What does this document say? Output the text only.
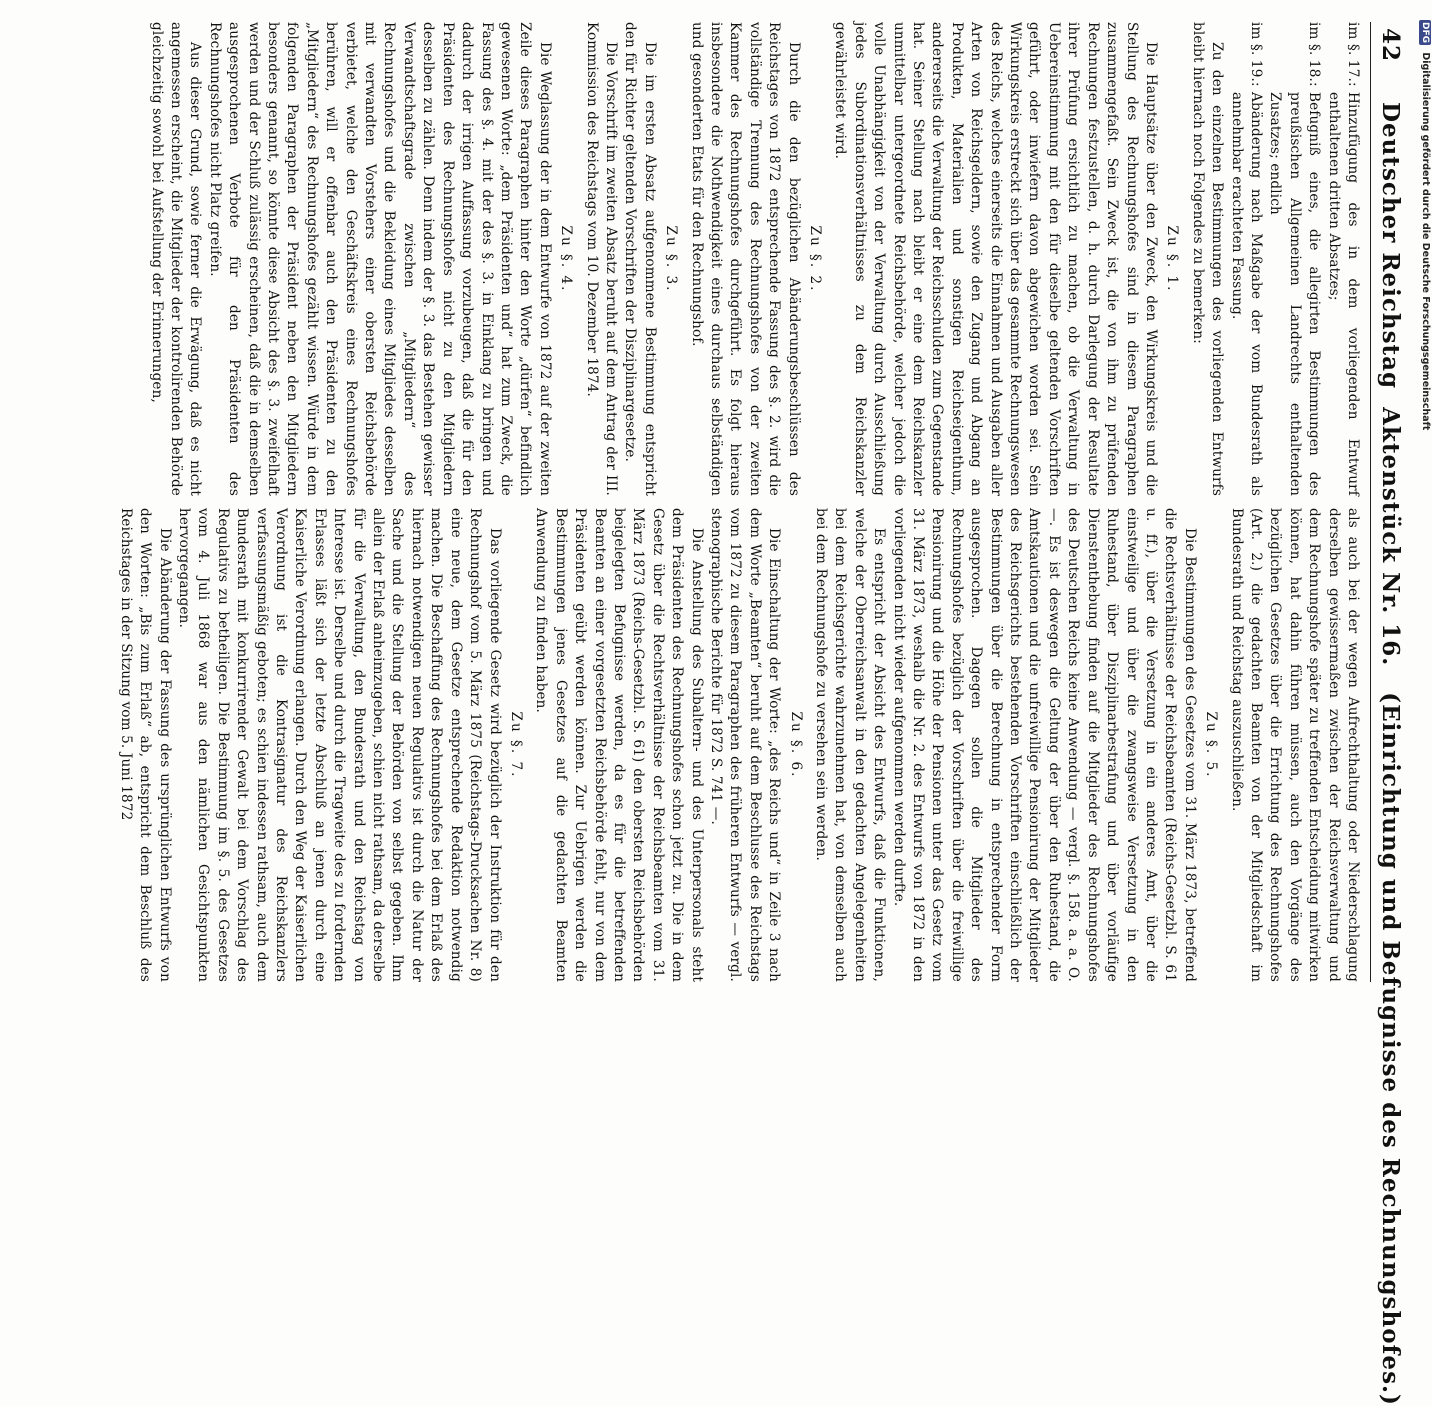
42
Deutscher Reichstag
Aktenstück Nr. 16.
(Einrichtung und Befugnisse des Rechnungshofes.)
im §. 17.:
Hinzufügung des in dem vorliegenden Entwurf enthaltenen dritten Absatzes;
im §. 18.:
Befugniß eines, die allegirten Bestimmungen des preußischen Allgemeinen Landrechts enthaltenden Zusatzes; endlich
im §. 19.:
Abänderung nach Maßgabe der vom Bundesrath als annehmbar erachteten Fassung.

Zu den einzelnen Bestimmungen des vorliegenden Entwurfs bleibt hiernach noch Folgendes zu bemerken:

Zu §. 1.

Die Hauptsätze über den Zweck, den Wirkungskreis und die Stellung des Rechnungshofes sind in diesem Paragraphen zusammengefaßt. Sein Zweck ist, die von ihm zu prüfenden Rechnungen festzustellen, d. h. durch Darlegung der Resultate ihrer Prüfung ersichtlich zu machen, ob die Verwaltung in Uebereinstimmung mit den für dieselbe geltenden Vorschriften geführt, oder inwiefern davon abgewichen worden sei. Sein Wirkungskreis erstreckt sich über das gesammte Rechnungswesen des Reichs, welches einerseits die Einnahmen und Ausgaben aller Arten von Reichsgeldern, sowie den Zugang und Abgang an Produkten, Materialien und sonstigen Reichseigenthum, andererseits die Verwaltung der Reichsschulden zum Gegenstande hat. Seiner Stellung nach bleibt er eine dem Reichskanzler unmittelbar untergeordnete Reichsbehörde, welcher jedoch die volle Unabhängigkeit von der Verwaltung durch Ausschließung jedes Subordinationsverhältnisses zu dem Reichskanzler gewährleistet wird.

Zu §. 2.

Durch die den bezüglichen Abänderungsbeschlüssen des Reichstages von 1872 entsprechende Fassung des §. 2. wird die vollständige Trennung des Rechnungshofes von der zweiten Kammer des Rechnungshofes durchgeführt. Es folgt hieraus insbesondere die Nothwendigkeit eines durchaus selbständigen und gesonderten Etats für den Rechnungshof.

Zu §. 3.

Die im ersten Absatz aufgenommene Bestimmung entspricht den für Richter geltenden Vorschriften der Disziplinargesetze.

Die Vorschrift im zweiten Absatz beruht auf dem Antrag der III. Kommission des Reichstags vom 10. Dezember 1874.

Zu §. 4.

Die Weglassung der in dem Entwurfe von 1872 auf der zweiten Zeile dieses Paragraphen hinter den Worte „dürfen“ befindlich gewesenen Worte: „dem Präsidenten und“ hat zum Zweck, die Fassung des §. 4. mit der des §. 3. in Einklang zu bringen und dadurch der irrigen Auffassung vorzubeugen, daß die für den Präsidenten des Rechnungshofes nicht zu den Mitgliedern desselben zu zählen. Denn indem der §. 3. das Bestehen gewisser Verwandtschaftsgrade zwischen „Mitgliedern“ des Rechnungshofes und die Bekleidung eines Mitgliedes desselben mit verwandten Vorstehers einer obersten Reichsbehörde verbietet, welche den Geschäftskreis eines Rechnungshofes berühren, will er offenbar auch den Präsidenten zu den „Mitgliedern“ des Rechnungshofes gezählt wissen. Würde in dem folgenden Paragraphen der Präsident neben den Mitgliedern besonders genannt, so könnte diese Absicht des §. 3. zweifelhaft werden und der Schluß zulässig erscheinen, daß die in demselben ausgesprochenen Verbote für den Präsidenten des Rechnungshofes nicht Platz greifen.

Aus dieser Grund, sowie ferner die Erwägung, daß es nicht angemessen erscheint, die Mitglieder der kontrolirenden Behörde gleichzeitig sowohl bei Aufstellung der Erinnerungen,

als auch bei der wegen Aufrechthaltung oder Niederschlagung derselben gewissermaßen zwischen der Reichsverwaltung und dem Rechnungshofe später zu treffenden Entscheidung mitwirken können, hat dahin führen müssen, auch den Vorgänge des bezüglichen Gesetzes über die Errichtung des Rechnungshofes (Art. 2.) die gedachten Beamten von der Mitgliedschaft im Bundesrath und Reichstag auszuschließen.

Zu §. 5.

Die Bestimmungen des Gesetzes vom 31. März 1873, betreffend die Rechtsverhältnisse der Reichsbeamten (Reichs-Gesetzbl. S. 61 u. ff.), über die Versetzung in ein anderes Amt, über die einstweilige und über die zwangsweise Versetzung in den Ruhestand, über Disziplinarbestrafung und über vorläufige Dienstenthebung finden auf die Mitglieder des Rechnungshofes des Deutschen Reichs keine Anwendung — vergl. §. 158. a. a. O. —. Es ist deswegen die Geltung der über den Ruhestand, die Amtskautionen und die unfreiwillige Pensionirung der Mitglieder des Reichsgerichts bestehenden Vorschriften einschließlich der Bestimmungen über die Berechnung in entsprechender Form ausgesprochen. Dagegen sollen die Mitglieder des Rechnungshofes bezüglich der Vorschriften über die freiwillige Pensionirung und die Höhe der Pensionen unter das Gesetz vom 31. März 1873, weshalb die Nr. 2. des Entwurfs von 1872 in den vorliegenden nicht wieder aufgenommen werden durfte.

Es entspricht der Absicht des Entwurfs, daß die Funktionen, welche der Oberreichsanwalt in den gedachten Angelegenheiten bei dem Reichsgerichte wahrzunehmen hat, von demselben auch bei dem Rechnungshofe zu versehen sein werden.

Zu §. 6.

Die Einschaltung der Worte: „des Reichs und“ in Zeile 3 nach dem Worte „Beamten“ beruht auf dem Beschlusse des Reichstags vom 1872 zu diesem Paragraphen des früheren Entwurfs — vergl. stenographische Berichte für 1872 S. 741 —.

Die Anstellung des Subaltern- und des Unterpersonals steht dem Präsidenten des Rechnungshofes schon jetzt zu. Die in dem Gesetz über die Rechtsverhältnisse der Reichsbeamten vom 31. März 1873 (Reichs-Gesetzbl. S. 61) den obersten Reichsbehörden beigelegten Befugnisse werden, da es für die betreffenden Beamten an einer vorgesetzten Reichsbehörde fehlt, nur von dem Präsidenten geübt werden können. Zur Uebrigen werden die Bestimmungen jenes Gesetzes auf die gedachten Beamten Anwendung zu finden haben.

Zu §. 7.

Das vorliegende Gesetz wird bezüglich der Instruktion für den Rechnungshof vom 5. März 1875 (Reichstags-Drucksachen Nr. 8) eine neue, dem Gesetze entsprechende Redaktion notwendig machen. Die Beschaffung des Rechnungshofes bei dem Erlaß des hiernach notwendigen neuen Regulativs ist durch die Natur der Sache und die Stellung der Behörden von selbst gegeben. Ihm allein der Erlaß anheimzugeben, schien nicht rathsam, da derselbe für die Verwaltung, den Bundesrath und den Reichstag von Interesse ist. Derselbe und durch die Tragweite des zu fordernden Erlasses läßt sich der letzte Abschluß an jenen durch eine Kaiserliche Verordnung erlangen. Durch den Weg der Kaiserlichen Verordnung ist die Kontrasignatur des Reichskanzlers verfassungsmäßig geboten; es schien indessen rathsam, auch dem Bundesrath mit konkurrirender Gewalt bei dem Vorschlag des Regulativs zu betheiligen. Die Bestimmung im §. 5. des Gesetzes vom 4. Juli 1868 war aus den nämlichen Gesichtspunkten hervorgegangen.

Die Abänderung der Fassung des ursprünglichen Entwurfs von den Worten: „Bis zum Erlaß“ ab, entspricht dem Beschluß des Reichstages in der Sitzung vom 5. Juni 1872

DFG Digitalisierung gefördert durch die Deutsche Forschungsgemeinschaft
